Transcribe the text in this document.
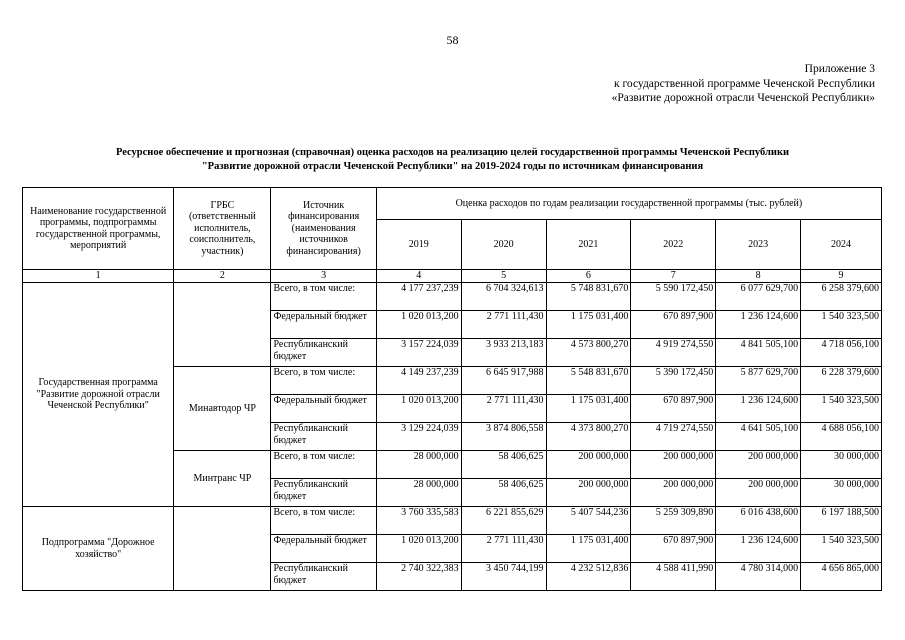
58
Приложение 3
к государственной программе Чеченской Республики
«Развитие дорожной отрасли Чеченской Республики»
Ресурсное обеспечение и прогнозная (справочная) оценка расходов на реализацию целей государственной программы Чеченской Республики
"Развитие дорожной отрасли Чеченской Республики" на 2019-2024 годы по источникам финансирования
Наименование государственной программы, подпрограммы государственной программы, мероприятий	ГРБС (ответственный исполнитель, соисполнитель, участник)	Источник финансирования (наименования источников финансирования)	Оценка расходов по годам реализации государственной программы (тыс. рублей)					
			2019	2020	2021	2022	2023	2024
1	2	3	4	5	6	7	8	9
Государственная программа "Развитие дорожной отрасли Чеченской Республики"		Всего, в том числе:	4 177 237,239	6 704 324,613	5 748 831,670	5 590 172,450	6 077 629,700	6 258 379,600

		Федеральный бюджет	1 020 013,200	2 771 111,430	1 175 031,400	670 897,900	1 236 124,600	1 540 323,500

		Республиканский бюджет	3 157 224,039	3 933 213,183	4 573 800,270	4 919 274,550	4 841 505,100	4 718 056,100
	Минавтодор ЧР	Всего, в том числе:	4 149 237,239	6 645 917,988	5 548 831,670	5 390 172,450	5 877 629,700	6 228 379,600

		Федеральный бюджет	1 020 013,200	2 771 111,430	1 175 031,400	670 897,900	1 236 124,600	1 540 323,500

		Республиканский бюджет	3 129 224,039	3 874 806,558	4 373 800,270	4 719 274,550	4 641 505,100	4 688 056,100
	Минтранс ЧР	Всего, в том числе:	28 000,000	58 406,625	200 000,000	200 000,000	200 000,000	30 000,000

		Республиканский бюджет	28 000,000	58 406,625	200 000,000	200 000,000	200 000,000	30 000,000
Подпрограмма "Дорожное хозяйство"		Всего, в том числе:	3 760 335,583	6 221 855,629	5 407 544,236	5 259 309,890	6 016 438,600	6 197 188,500

		Федеральный бюджет	1 020 013,200	2 771 111,430	1 175 031,400	670 897,900	1 236 124,600	1 540 323,500

		Республиканский бюджет	2 740 322,383	3 450 744,199	4 232 512,836	4 588 411,990	4 780 314,000	4 656 865,000
